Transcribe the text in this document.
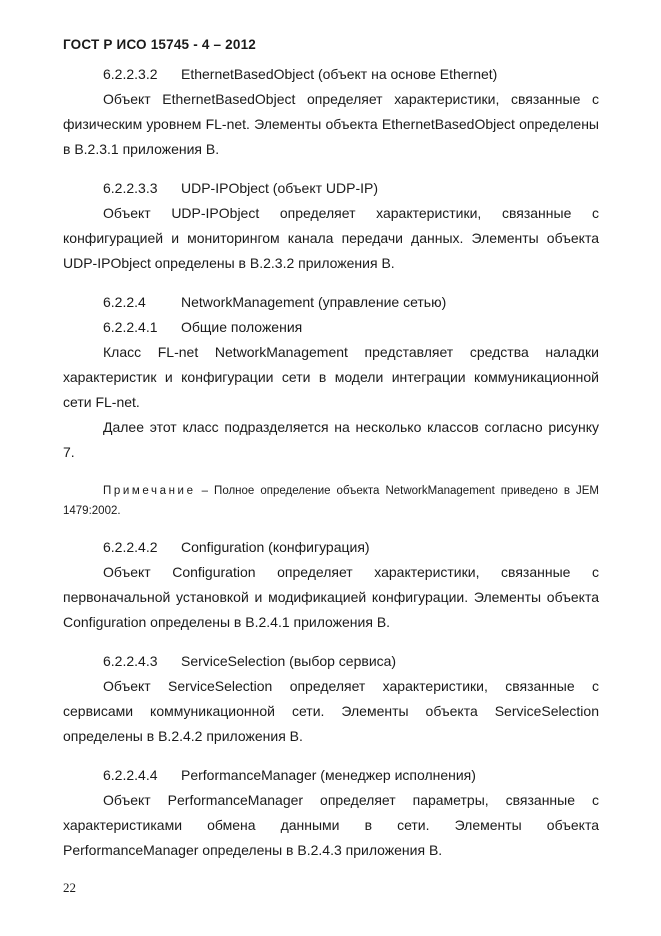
ГОСТ Р ИСО 15745 - 4 – 2012
6.2.2.3.2 EthernetBasedObject (объект на основе Ethernet)

Объект EthernetBasedObject определяет характеристики, связанные с физическим уровнем FL-net. Элементы объекта EthernetBasedObject определены в B.2.3.1 приложения В.

6.2.2.3.3 UDP-IPObject (объект UDP-IP)

Объект UDP-IPObject определяет характеристики, связанные с конфигурацией и мониторингом канала передачи данных. Элементы объекта UDP-IPObject определены в В.2.3.2 приложения В.

6.2.2.4	NetworkManagement (управление сетью)
6.2.2.4.1 Общие положения

Класс FL-net NetworkManagement представляет средства наладки характеристик и конфигурации сети в модели интеграции коммуникационной сети FL-net.

Далее этот класс подразделяется на несколько классов согласно рисунку 7.

Примечание – Полное определение объекта NetworkManagement приведено в JEM 1479:2002.

6.2.2.4.2 Configuration (конфигурация)

Объект Configuration определяет характеристики, связанные с первоначальной установкой и модификацией конфигурации. Элементы объекта Configuration определены в В.2.4.1 приложения В.

6.2.2.4.3 ServiceSelection (выбор сервиса)

Объект ServiceSelection определяет характеристики, связанные с сервисами коммуникационной сети. Элементы объекта ServiceSelection определены в В.2.4.2 приложения В.

6.2.2.4.4 PerformanceManager (менеджер исполнения)

Объект PerformanceManager определяет параметры, связанные с характеристиками обмена данными в сети. Элементы объекта PerformanceManager определены в В.2.4.3 приложения В.

22
